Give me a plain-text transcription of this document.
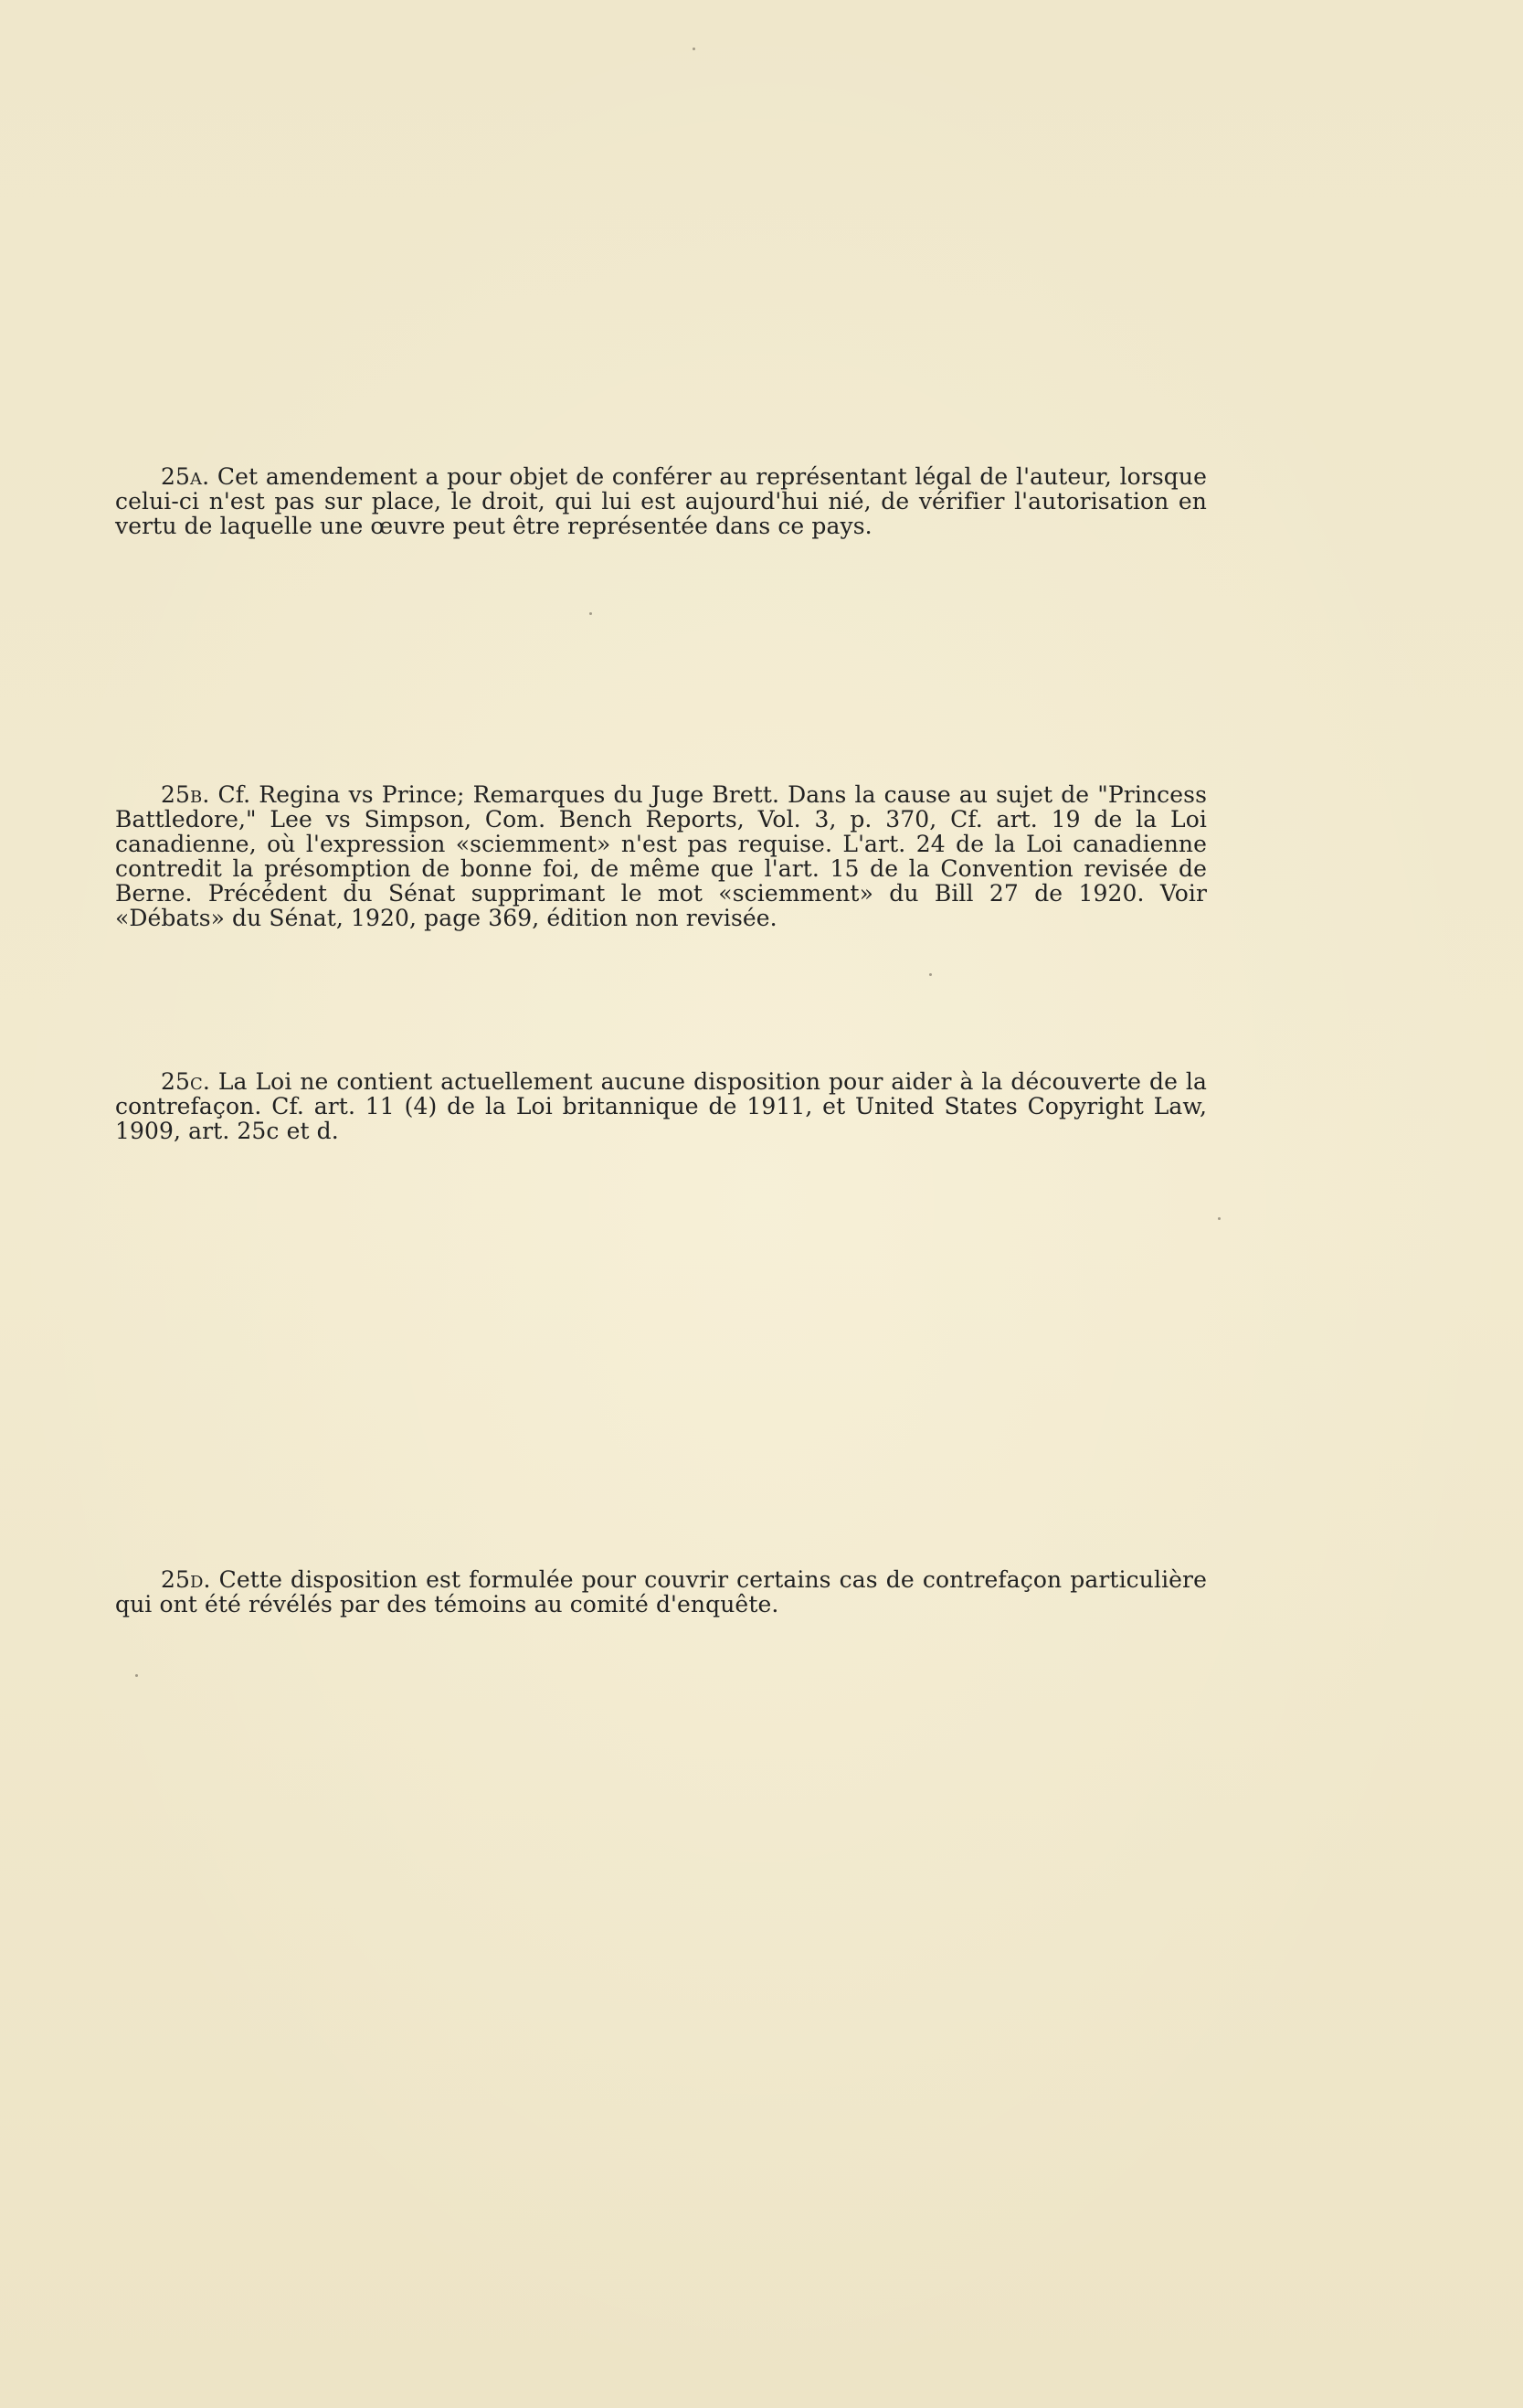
25a. Cet amendement a pour objet de conférer au représentant légal de l'auteur, lorsque celui-ci n'est pas sur place, le droit, qui lui est aujourd'hui nié, de vérifier l'autorisation en vertu de laquelle une œuvre peut être représentée dans ce pays.

25b. Cf. Regina vs Prince; Remarques du Juge Brett. Dans la cause au sujet de "Princess Battledore," Lee vs Simpson, Com. Bench Reports, Vol. 3, p. 370, Cf. art. 19 de la Loi canadienne, où l'expression «sciemment» n'est pas requise. L'art. 24 de la Loi canadienne contredit la présomption de bonne foi, de même que l'art. 15 de la Convention revisée de Berne. Précédent du Sénat supprimant le mot «sciemment» du Bill 27 de 1920. Voir «Débats» du Sénat, 1920, page 369, édition non revisée.

25c. La Loi ne contient actuellement aucune disposition pour aider à la découverte de la contrefaçon. Cf. art. 11 (4) de la Loi britannique de 1911, et United States Copyright Law, 1909, art. 25c et d.

25d. Cette disposition est formulée pour couvrir certains cas de contrefaçon particulière qui ont été révélés par des témoins au comité d'enquête.
